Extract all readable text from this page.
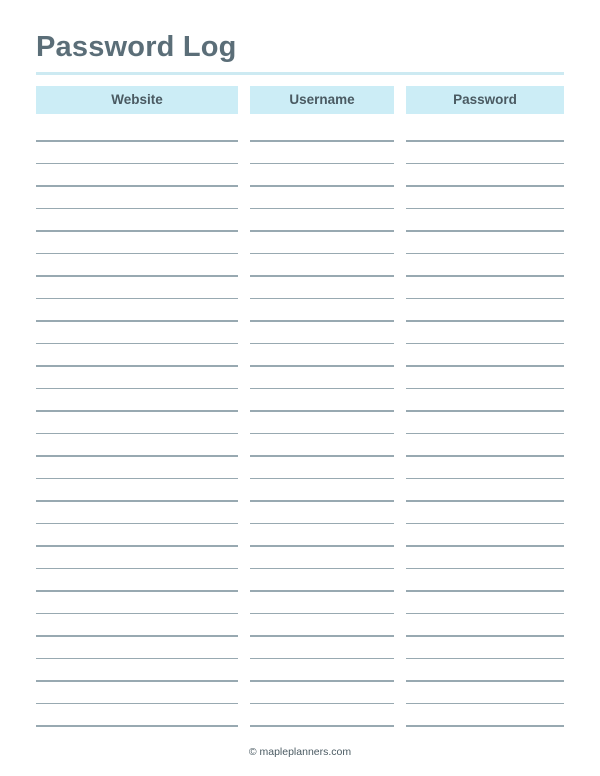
Password Log
Website	Username	Password
© mapleplanners.com
